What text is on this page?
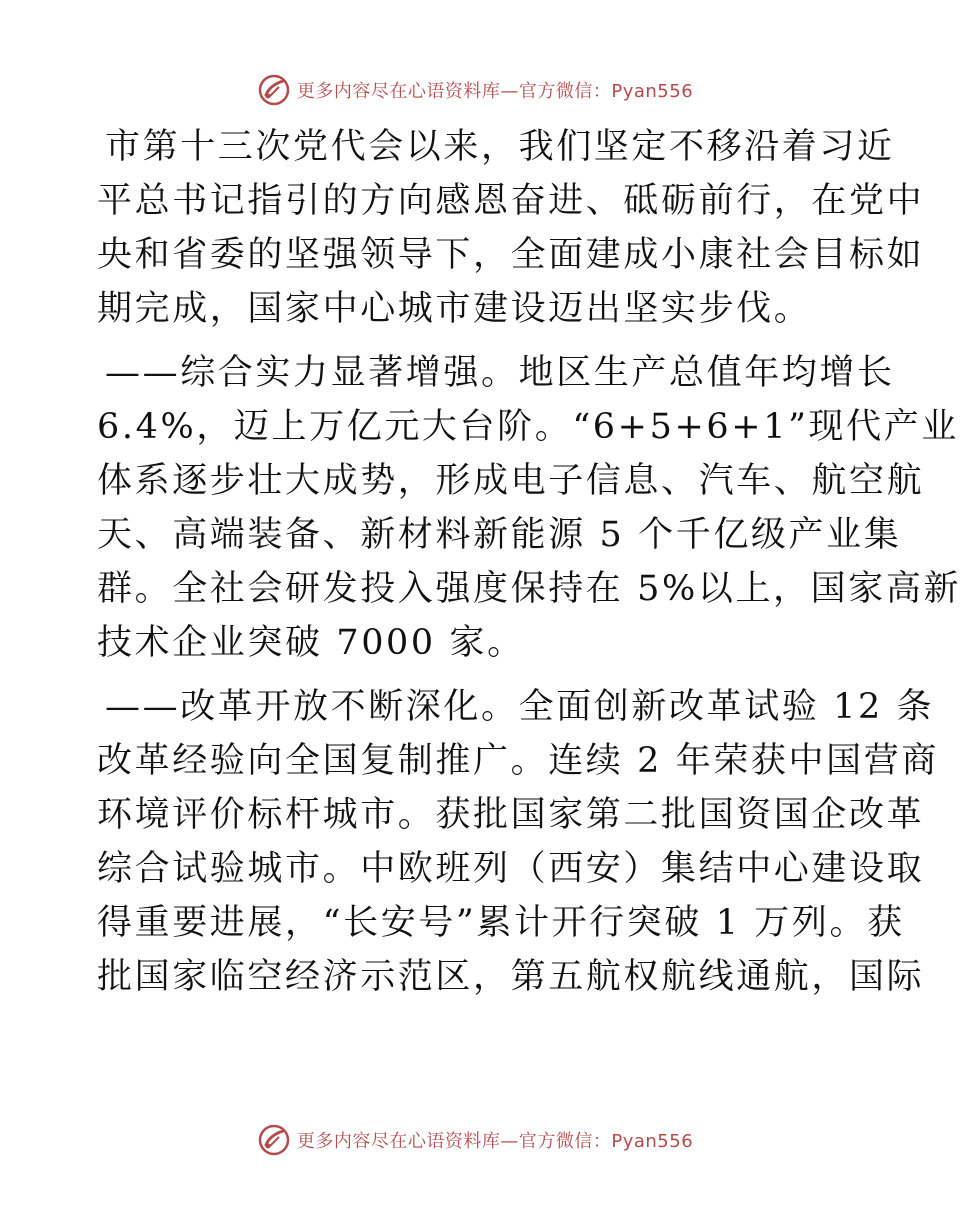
更多内容尽在心语资料库—官方微信：Pyan556
市第十三次党代会以来，我们坚定不移沿着习近
平总书记指引的方向感恩奋进、砥砺前行，在党中
央和省委的坚强领导下，全面建成小康社会目标如
期完成，国家中心城市建设迈出坚实步伐。
——综合实力显著增强。地区生产总值年均增长
6.4%，迈上万亿元大台阶。“6+5+6+1”现代产业
体系逐步壮大成势，形成电子信息、汽车、航空航
天、高端装备、新材料新能源 5 个千亿级产业集
群。全社会研发投入强度保持在 5%以上，国家高新
技术企业突破 7000 家。
——改革开放不断深化。全面创新改革试验 12 条
改革经验向全国复制推广。连续 2 年荣获中国营商
环境评价标杆城市。获批国家第二批国资国企改革
综合试验城市。中欧班列（西安）集结中心建设取
得重要进展，“长安号”累计开行突破 1 万列。获
批国家临空经济示范区，第五航权航线通航，国际
更多内容尽在心语资料库—官方微信：Pyan556
